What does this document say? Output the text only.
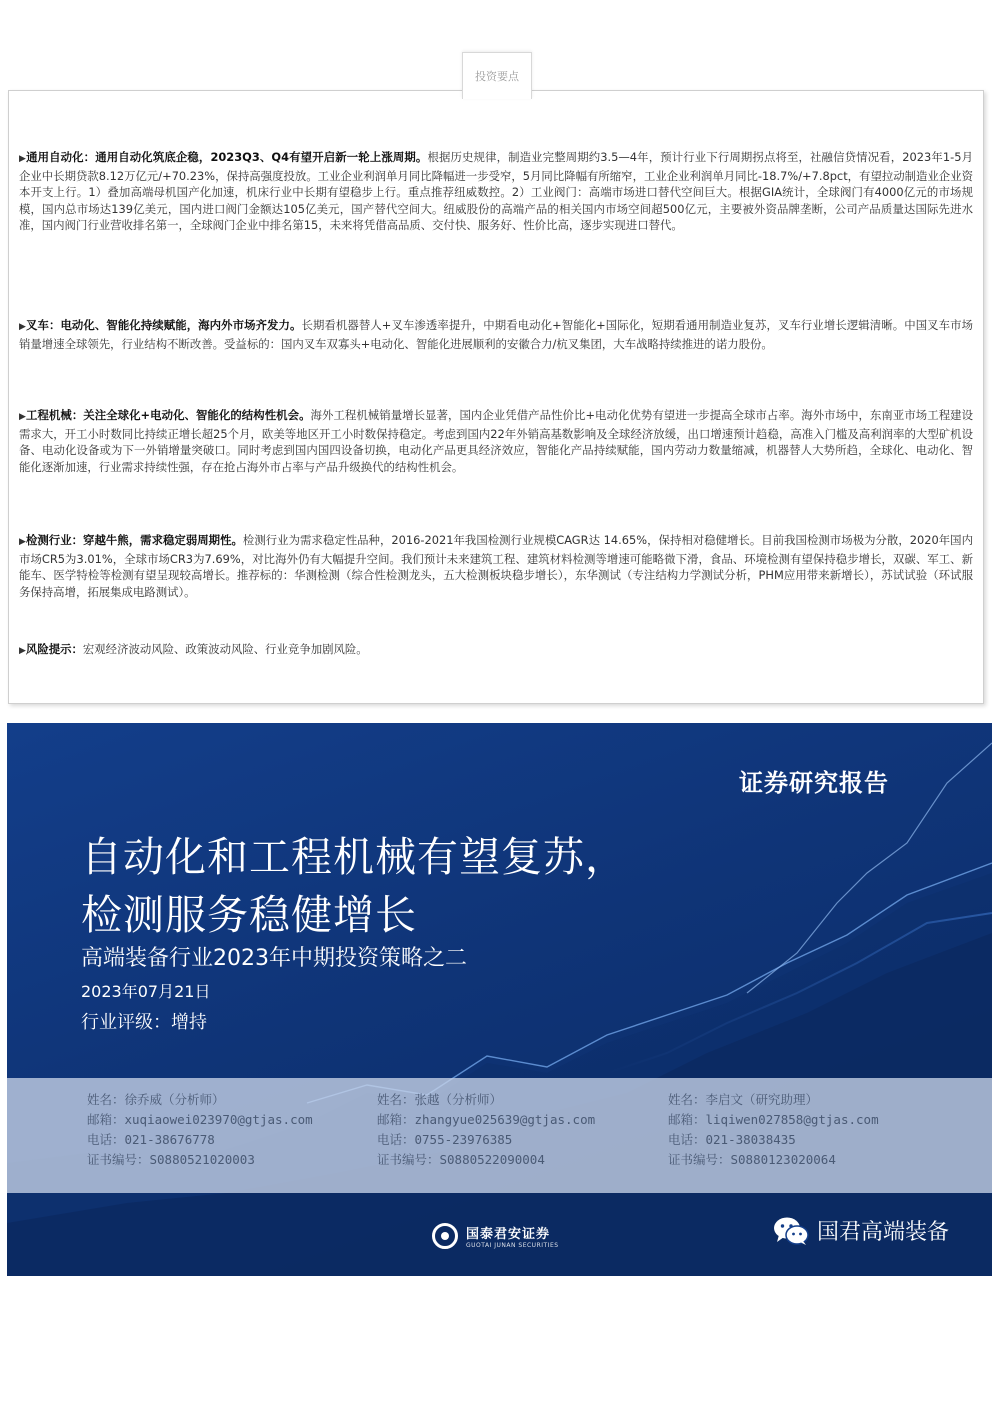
投资要点
▶通用自动化：通用自动化筑底企稳，2023Q3、Q4有望开启新一轮上涨周期。根据历史规律，制造业完整周期约3.5—4年，预计行业下行周期拐点将至，社融信贷情况看，2023年1-5月企业中长期贷款8.12万亿元/+70.23%，保持高强度投放。工业企业利润单月同比降幅进一步受窄，5月同比降幅有所缩窄，工业企业利润单月同比-18.7%/+7.8pct，有望拉动制造业企业资本开支上行。1）叠加高端母机国产化加速，机床行业中长期有望稳步上行。重点推荐纽威数控。2）工业阀门：高端市场进口替代空间巨大。根据GIA统计，全球阀门有4000亿元的市场规模，国内总市场达139亿美元，国内进口阀门金额达105亿美元，国产替代空间大。纽威股份的高端产品的相关国内市场空间超500亿元，主要被外资品牌垄断，公司产品质量达国际先进水准，国内阀门行业营收排名第一，全球阀门企业中排名第15，未来将凭借高品质、交付快、服务好、性价比高，逐步实现进口替代。
▶叉车：电动化、智能化持续赋能，海内外市场齐发力。长期看机器替人+叉车渗透率提升，中期看电动化+智能化+国际化，短期看通用制造业复苏，叉车行业增长逻辑清晰。中国叉车市场销量增速全球领先，行业结构不断改善。受益标的：国内叉车双寡头+电动化、智能化进展顺利的安徽合力/杭叉集团，大车战略持续推进的诺力股份。
▶工程机械：关注全球化+电动化、智能化的结构性机会。海外工程机械销量增长显著，国内企业凭借产品性价比+电动化优势有望进一步提高全球市占率。海外市场中，东南亚市场工程建设需求大，开工小时数同比持续正增长超25个月，欧美等地区开工小时数保持稳定。考虑到国内22年外销高基数影响及全球经济放缓，出口增速预计趋稳，高准入门槛及高利润率的大型矿机设备、电动化设备或为下一外销增量突破口。同时考虑到国内国四设备切换，电动化产品更具经济效应，智能化产品持续赋能，国内劳动力数量缩减，机器替人大势所趋，全球化、电动化、智能化逐渐加速，行业需求持续性强，存在抢占海外市占率与产品升级换代的结构性机会。
▶检测行业：穿越牛熊，需求稳定弱周期性。检测行业为需求稳定性品种，2016-2021年我国检测行业规模CAGR达 14.65%，保持相对稳健增长。目前我国检测市场极为分散，2020年国内市场CR5为3.01%，全球市场CR3为7.69%，对比海外仍有大幅提升空间。我们预计未来建筑工程、建筑材料检测等增速可能略微下滑，食品、环境检测有望保持稳步增长，双碳、军工、新能车、医学特检等检测有望呈现较高增长。推荐标的：华测检测（综合性检测龙头，五大检测板块稳步增长），东华测试（专注结构力学测试分析，PHM应用带来新增长），苏试试验（环试服务保持高增，拓展集成电路测试）。
▶风险提示：宏观经济波动风险、政策波动风险、行业竞争加剧风险。
证券研究报告
自动化和工程机械有望复苏，
检测服务稳健增长
高端装备行业2023年中期投资策略之二
2023年07月21日
行业评级：增持
姓名：徐乔威（分析师）
邮箱：xuqiaowei023970@gtjas.com
电话：021-38676778
证书编号：S0880521020003
姓名：张越（分析师）
邮箱：zhangyue025639@gtjas.com
电话：0755-23976385
证书编号：S0880522090004
姓名：李启文（研究助理）
邮箱：liqiwen027858@gtjas.com
电话：021-38038435
证书编号：S0880123020064
国泰君安证券
GUOTAI JUNAN SECURITIES
国君高端装备
